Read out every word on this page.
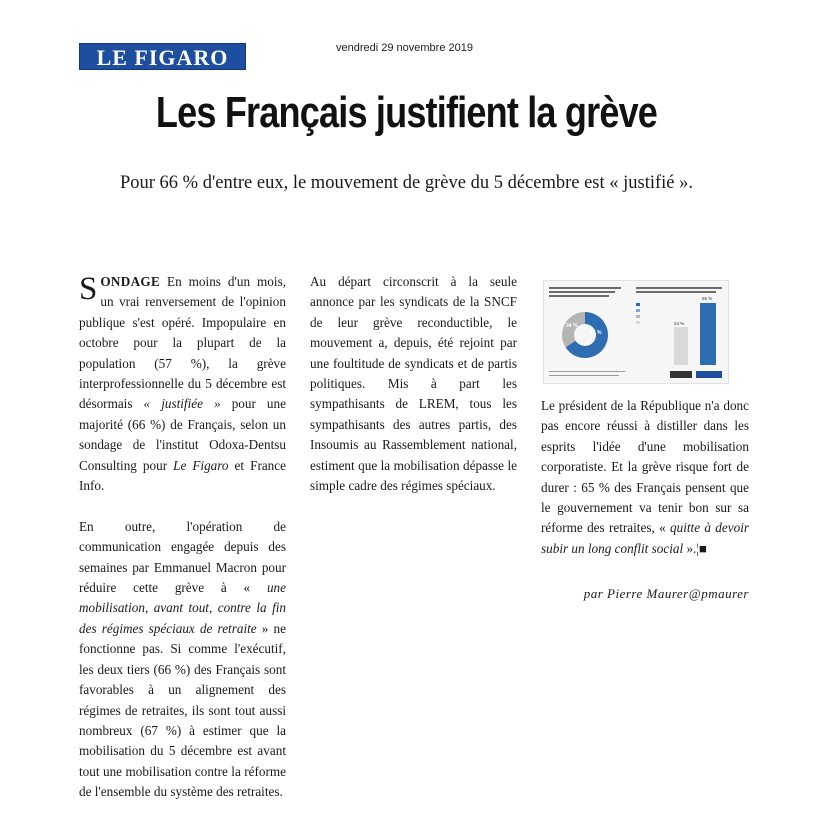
LE FIGARO	vendredi 29 novembre 2019
Les Français justifient la grève
Pour 66 % d'entre eux, le mouvement de grève du 5 décembre est « justifié ».

SONDAGE En moins d'un mois, un vrai renversement de l'opinion publique s'est opéré. Impopulaire en octobre pour la plupart de la population (57 %), la grève interprofessionnelle du 5 décembre est désormais « justifiée » pour une majorité (66 %) de Français, selon un sondage de l'institut Odoxa-Dentsu Consulting pour Le Figaro et France Info.

En outre, l'opération de communication engagée depuis des semaines par Emmanuel Macron pour réduire cette grève à « une mobilisation, avant tout, contre la fin des régimes spéciaux de retraite » ne fonctionne pas. Si comme l'exécutif, les deux tiers (66 %) des Français sont favorables à un alignement des régimes de retraites, ils sont tout aussi nombreux (67 %) à estimer que la mobilisation du 5 décembre est avant tout une mobilisation contre la réforme de l'ensemble du système des retraites.

Au départ circonscrit à la seule annonce par les syndicats de la SNCF de leur grève reconductible, le mouvement a, depuis, été rejoint par une foultitude de syndicats et de partis politiques. Mis à part les sympathisants de LREM, tous les sympathisants des autres partis, des Insoumis au Rassemblement national, estiment que la mobilisation dépasse le simple cadre des régimes spéciaux.

66 %
34 %	24 %
65 %

Le président de la République n'a donc pas encore réussi à distiller dans les esprits l'idée d'une mobilisation corporatiste. Et la grève risque fort de durer : 65 % des Français pensent que le gouvernement va tenir bon sur sa réforme des retraites, « quitte à devoir subir un long conflit social ».¦■

par Pierre Maurer@pmaurer
